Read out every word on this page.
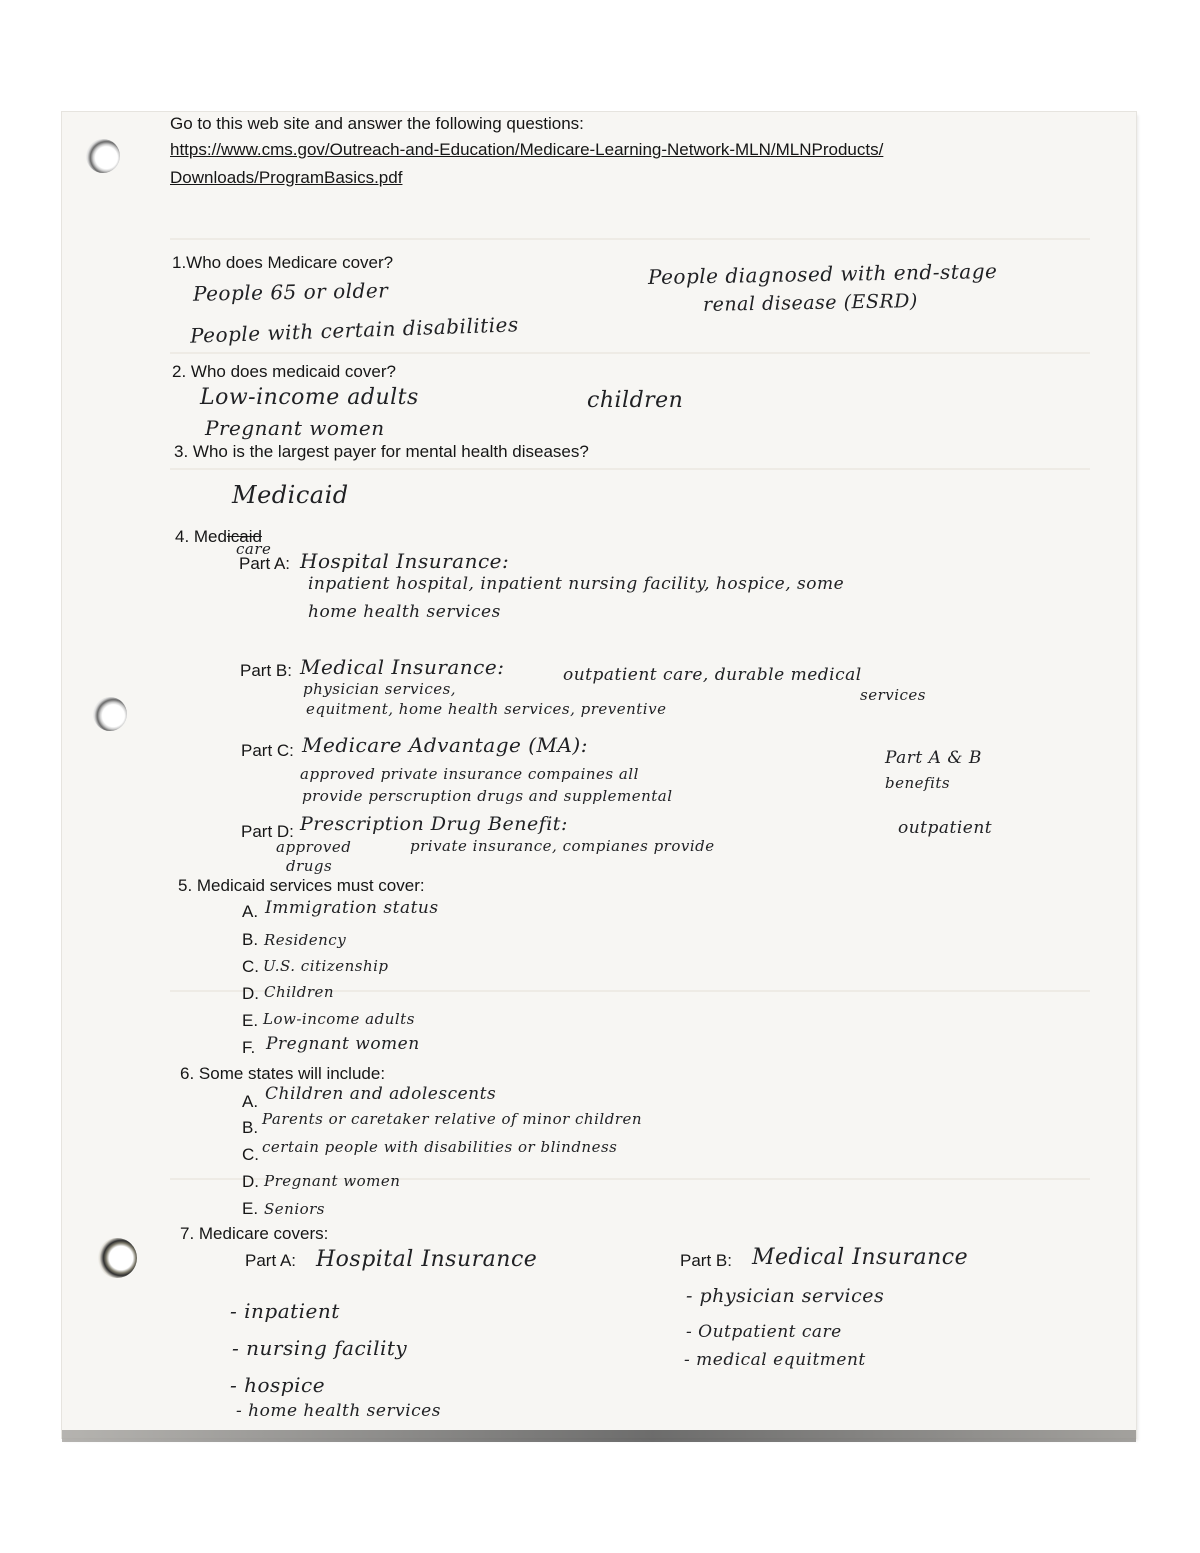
Go to this web site and answer the following questions:
https://www.cms.gov/Outreach-and-Education/Medicare-Learning-Network-MLN/MLNProducts/
Downloads/ProgramBasics.pdf
1.Who does Medicare cover?
People 65 or older
People with certain disabilities
People diagnosed with end-stage
renal disease (ESRD)
2. Who does medicaid cover?
Low-income adults	children
Pregnant women
3. Who is the largest payer for mental health diseases?
Medicaid
4. Medicaid
care
Part A: Hospital Insurance:
inpatient hospital, inpatient nursing facility, hospice, some
home health services
Part B: Medical Insurance:
physician services,
outpatient care, durable medical
equitment, home health services, preventive
services
Part C: Medicare Advantage (MA):
approved private insurance compaines all
Part A & B
provide perscruption drugs and supplemental
benefits
Part D: Prescription Drug Benefit:
approved	private insurance, compianes provide
outpatient
drugs
5. Medicaid services must cover:
A. Immigration status
B. Residency
C. U.S. citizenship
D. Children
E. Low-income adults
F. Pregnant women
6. Some states will include:
A. Children and adolescents
B. Parents or caretaker relative of minor children
C. certain people with disabilities or blindness
D. Pregnant women
E. Seniors
7. Medicare covers:
Part A: Hospital Insurance
- inpatient
- nursing facility
- hospice
- home health services
Part B: Medical Insurance
- physician services
- Outpatient care
- medical equitment
